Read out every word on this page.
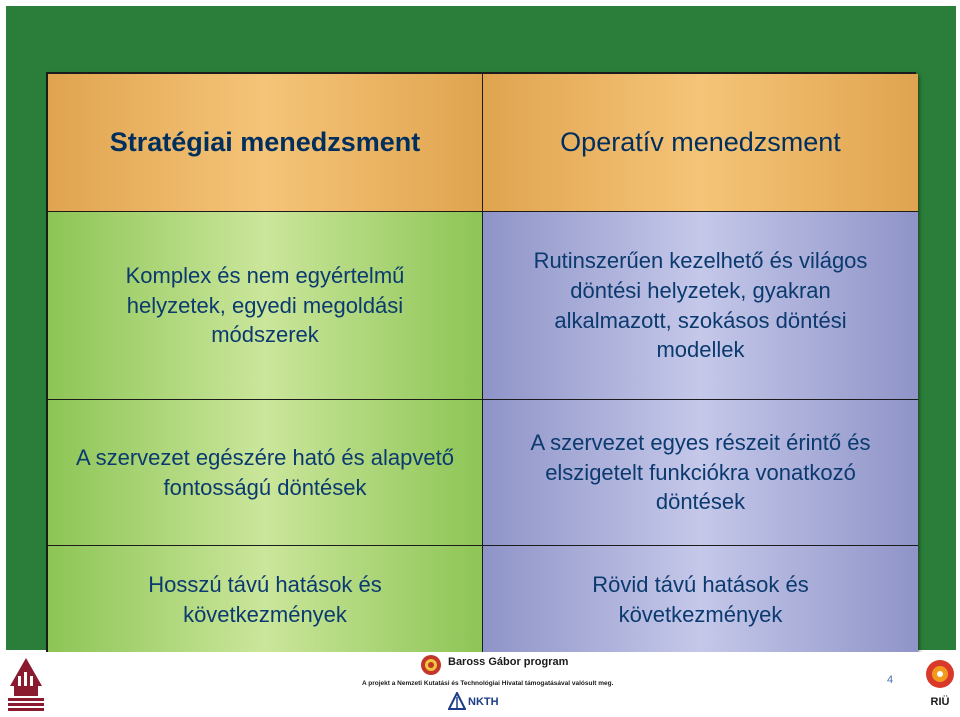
Stratégiai menedzsment	Operatív menedzsment
Komplex és nem egyértelmű helyzetek, egyedi megoldási módszerek
Rutinszerűen kezelhető és világos döntési helyzetek, gyakran alkalmazott, szokásos döntési modellek
A szervezet egészére ható és alapvető fontosságú döntések
A szervezet egyes részeit érintő és elszigetelt funkciókra vonatkozó döntések
Hosszú távú hatások és következmények
Rövid távú hatások és következmények
Baross Gábor program
A projekt a Nemzeti Kutatási és Technológiai Hivatal támogatásával valósult meg.
NKTH
4
RIÜ
